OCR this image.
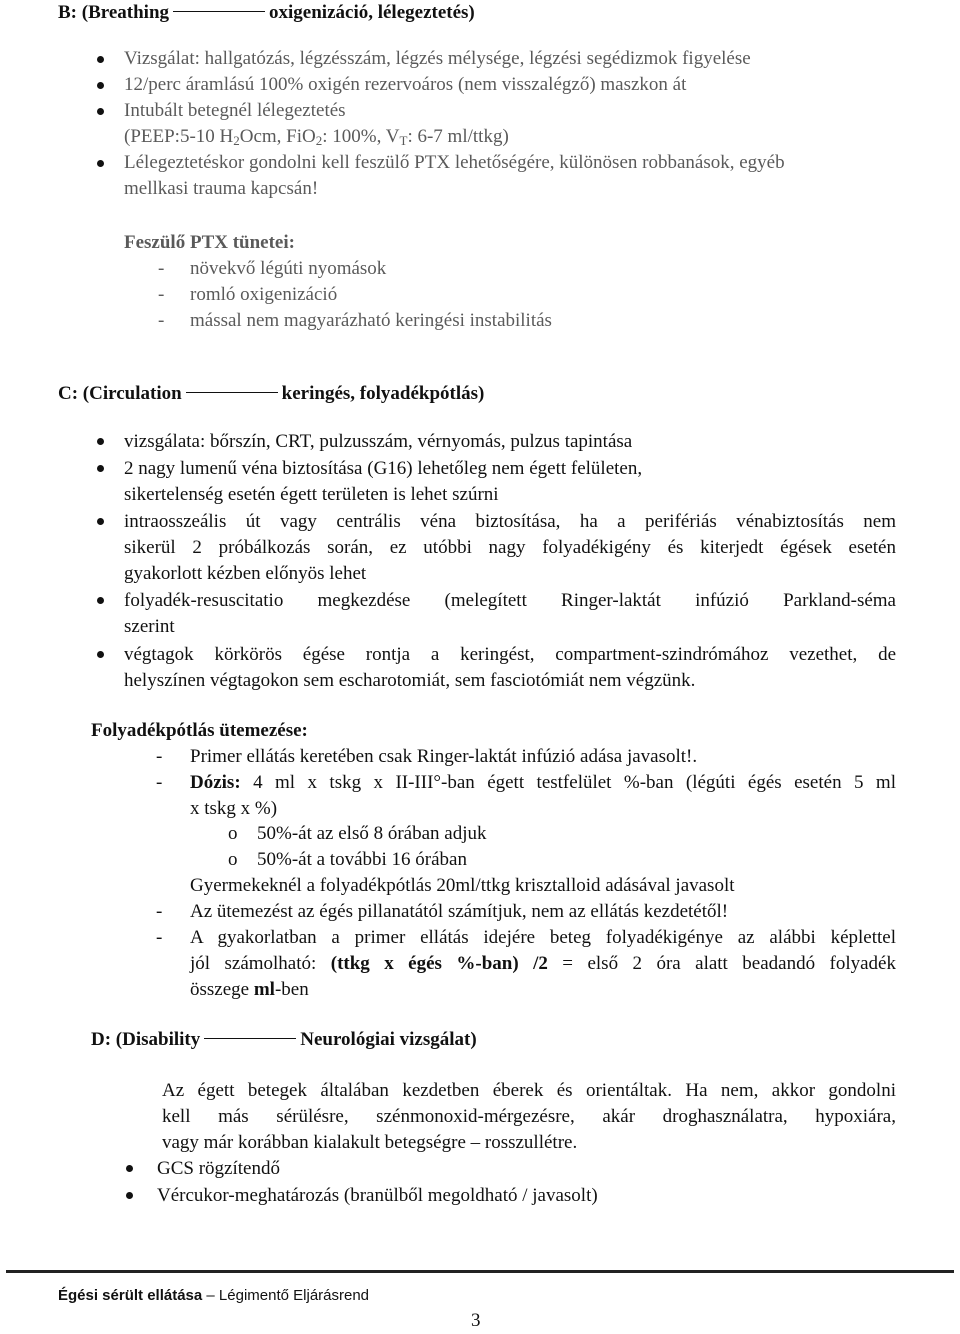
B: (Breathing	oxigenizáció, lélegeztetés)
Vizsgálat: hallgatózás, légzésszám, légzés mélysége, légzési segédizmok figyelése
12/perc áramlású 100% oxigén rezervoáros (nem visszalégző) maszkon át
Intubált betegnél lélegeztetés
(PEEP:5-10 $H_2Ocm$, FiO$_2$: 100%, $V_T$: 6-7 ml/ttkg)
Lélegeztetéskor gondolni kell feszülő PTX lehetőségére, különösen robbanások, egyéb
mellkasi trauma kapcsán!
Feszülő PTX tünetei:
- növekvő légúti nyomások
- romló oxigenizáció
- mással nem magyarázható keringési instabilitás
C: (Circulation	keringés, folyadékpótlás)
vizsgálata: bőrszín, CRT, pulzusszám, vérnyomás, pulzus tapintása
2 nagy lumenű véna biztosítása (G16) lehetőleg nem égett felületen,
sikertelenség esetén égett területen is lehet szúrni
intraosszeális út vagy centrális véna biztosítása, ha a perifériás vénabiztosítás nem
sikerül 2 próbálkozás során, ez utóbbi nagy folyadékigény és kiterjedt égések esetén
gyakorlott kézben előnyös lehet
folyadék-resuscitatio megkezdése (melegített Ringer-laktát infúzió Parkland-séma
szerint
végtagok körkörös égése rontja a keringést, compartment-szindrómához vezethet, de
helyszínen végtagokon sem escharotomiát, sem fasciotómiát nem végzünk.
Folyadékpótlás ütemezése:
- Primer ellátás keretében csak Ringer-laktát infúzió adása javasolt!.
- Dózis: 4 ml x tskg x II-III°-ban égett testfelület %-ban (légúti égés esetén 5 ml
x tskg x %)
o 50%-át az első 8 órában adjuk
o 50%-át a további 16 órában
Gyermekeknél a folyadékpótlás 20ml/ttkg krisztalloid adásával javasolt
- Az ütemezést az égés pillanatától számítjuk, nem az ellátás kezdetétől!
- A gyakorlatban a primer ellátás idejére beteg folyadékigénye az alábbi képlettel
jól számolható: (ttkg x égés %-ban) /2 = első 2 óra alatt beadandó folyadék
összege ml-ben
D: (Disability	Neurológiai vizsgálat)
Az égett betegek általában kezdetben éberek és orientáltak. Ha nem, akkor gondolni
kell más sérülésre, szénmonoxid-mérgezésre, akár droghasználatra, hypoxiára,
vagy már korábban kialakult betegségre – rosszullétre.
GCS rögzítendő
Vércukor-meghatározás (branülből megoldható / javasolt)
Égési sérült ellátása – Légimentő Eljárásrend
3
